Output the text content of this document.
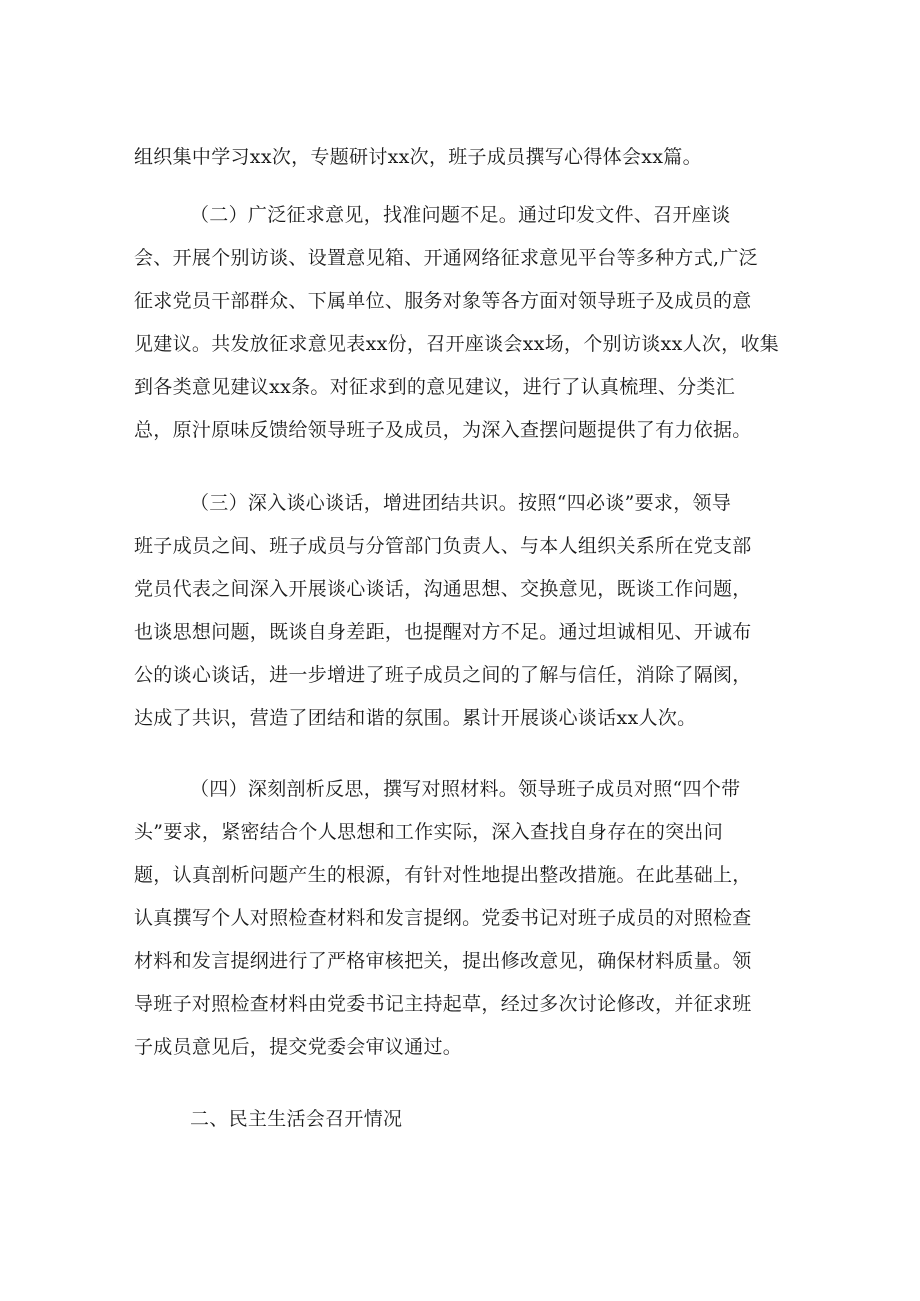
组织集中学习xx次，专题研讨xx次，班子成员撰写心得体会xx篇。
（二）广泛征求意见，找准问题不足。通过印发文件、召开座谈
会、开展个别访谈、设置意见箱、开通网络征求意见平台等多种方式,广泛
征求党员干部群众、下属单位、服务对象等各方面对领导班子及成员的意
见建议。共发放征求意见表xx份，召开座谈会xx场，个别访谈xx人次，收集
到各类意见建议xx条。对征求到的意见建议，进行了认真梳理、分类汇
总，原汁原味反馈给领导班子及成员，为深入查摆问题提供了有力依据。
（三）深入谈心谈话，增进团结共识。按照“四必谈”要求，领导
班子成员之间、班子成员与分管部门负责人、与本人组织关系所在党支部
党员代表之间深入开展谈心谈话，沟通思想、交换意见，既谈工作问题，
也谈思想问题，既谈自身差距，也提醒对方不足。通过坦诚相见、开诚布
公的谈心谈话，进一步增进了班子成员之间的了解与信任，消除了隔阂，
达成了共识，营造了团结和谐的氛围。累计开展谈心谈话xx人次。
（四）深刻剖析反思，撰写对照材料。领导班子成员对照“四个带
头”要求，紧密结合个人思想和工作实际，深入查找自身存在的突出问
题，认真剖析问题产生的根源，有针对性地提出整改措施。在此基础上，
认真撰写个人对照检查材料和发言提纲。党委书记对班子成员的对照检查
材料和发言提纲进行了严格审核把关，提出修改意见，确保材料质量。领
导班子对照检查材料由党委书记主持起草，经过多次讨论修改，并征求班
子成员意见后，提交党委会审议通过。
二、民主生活会召开情况
